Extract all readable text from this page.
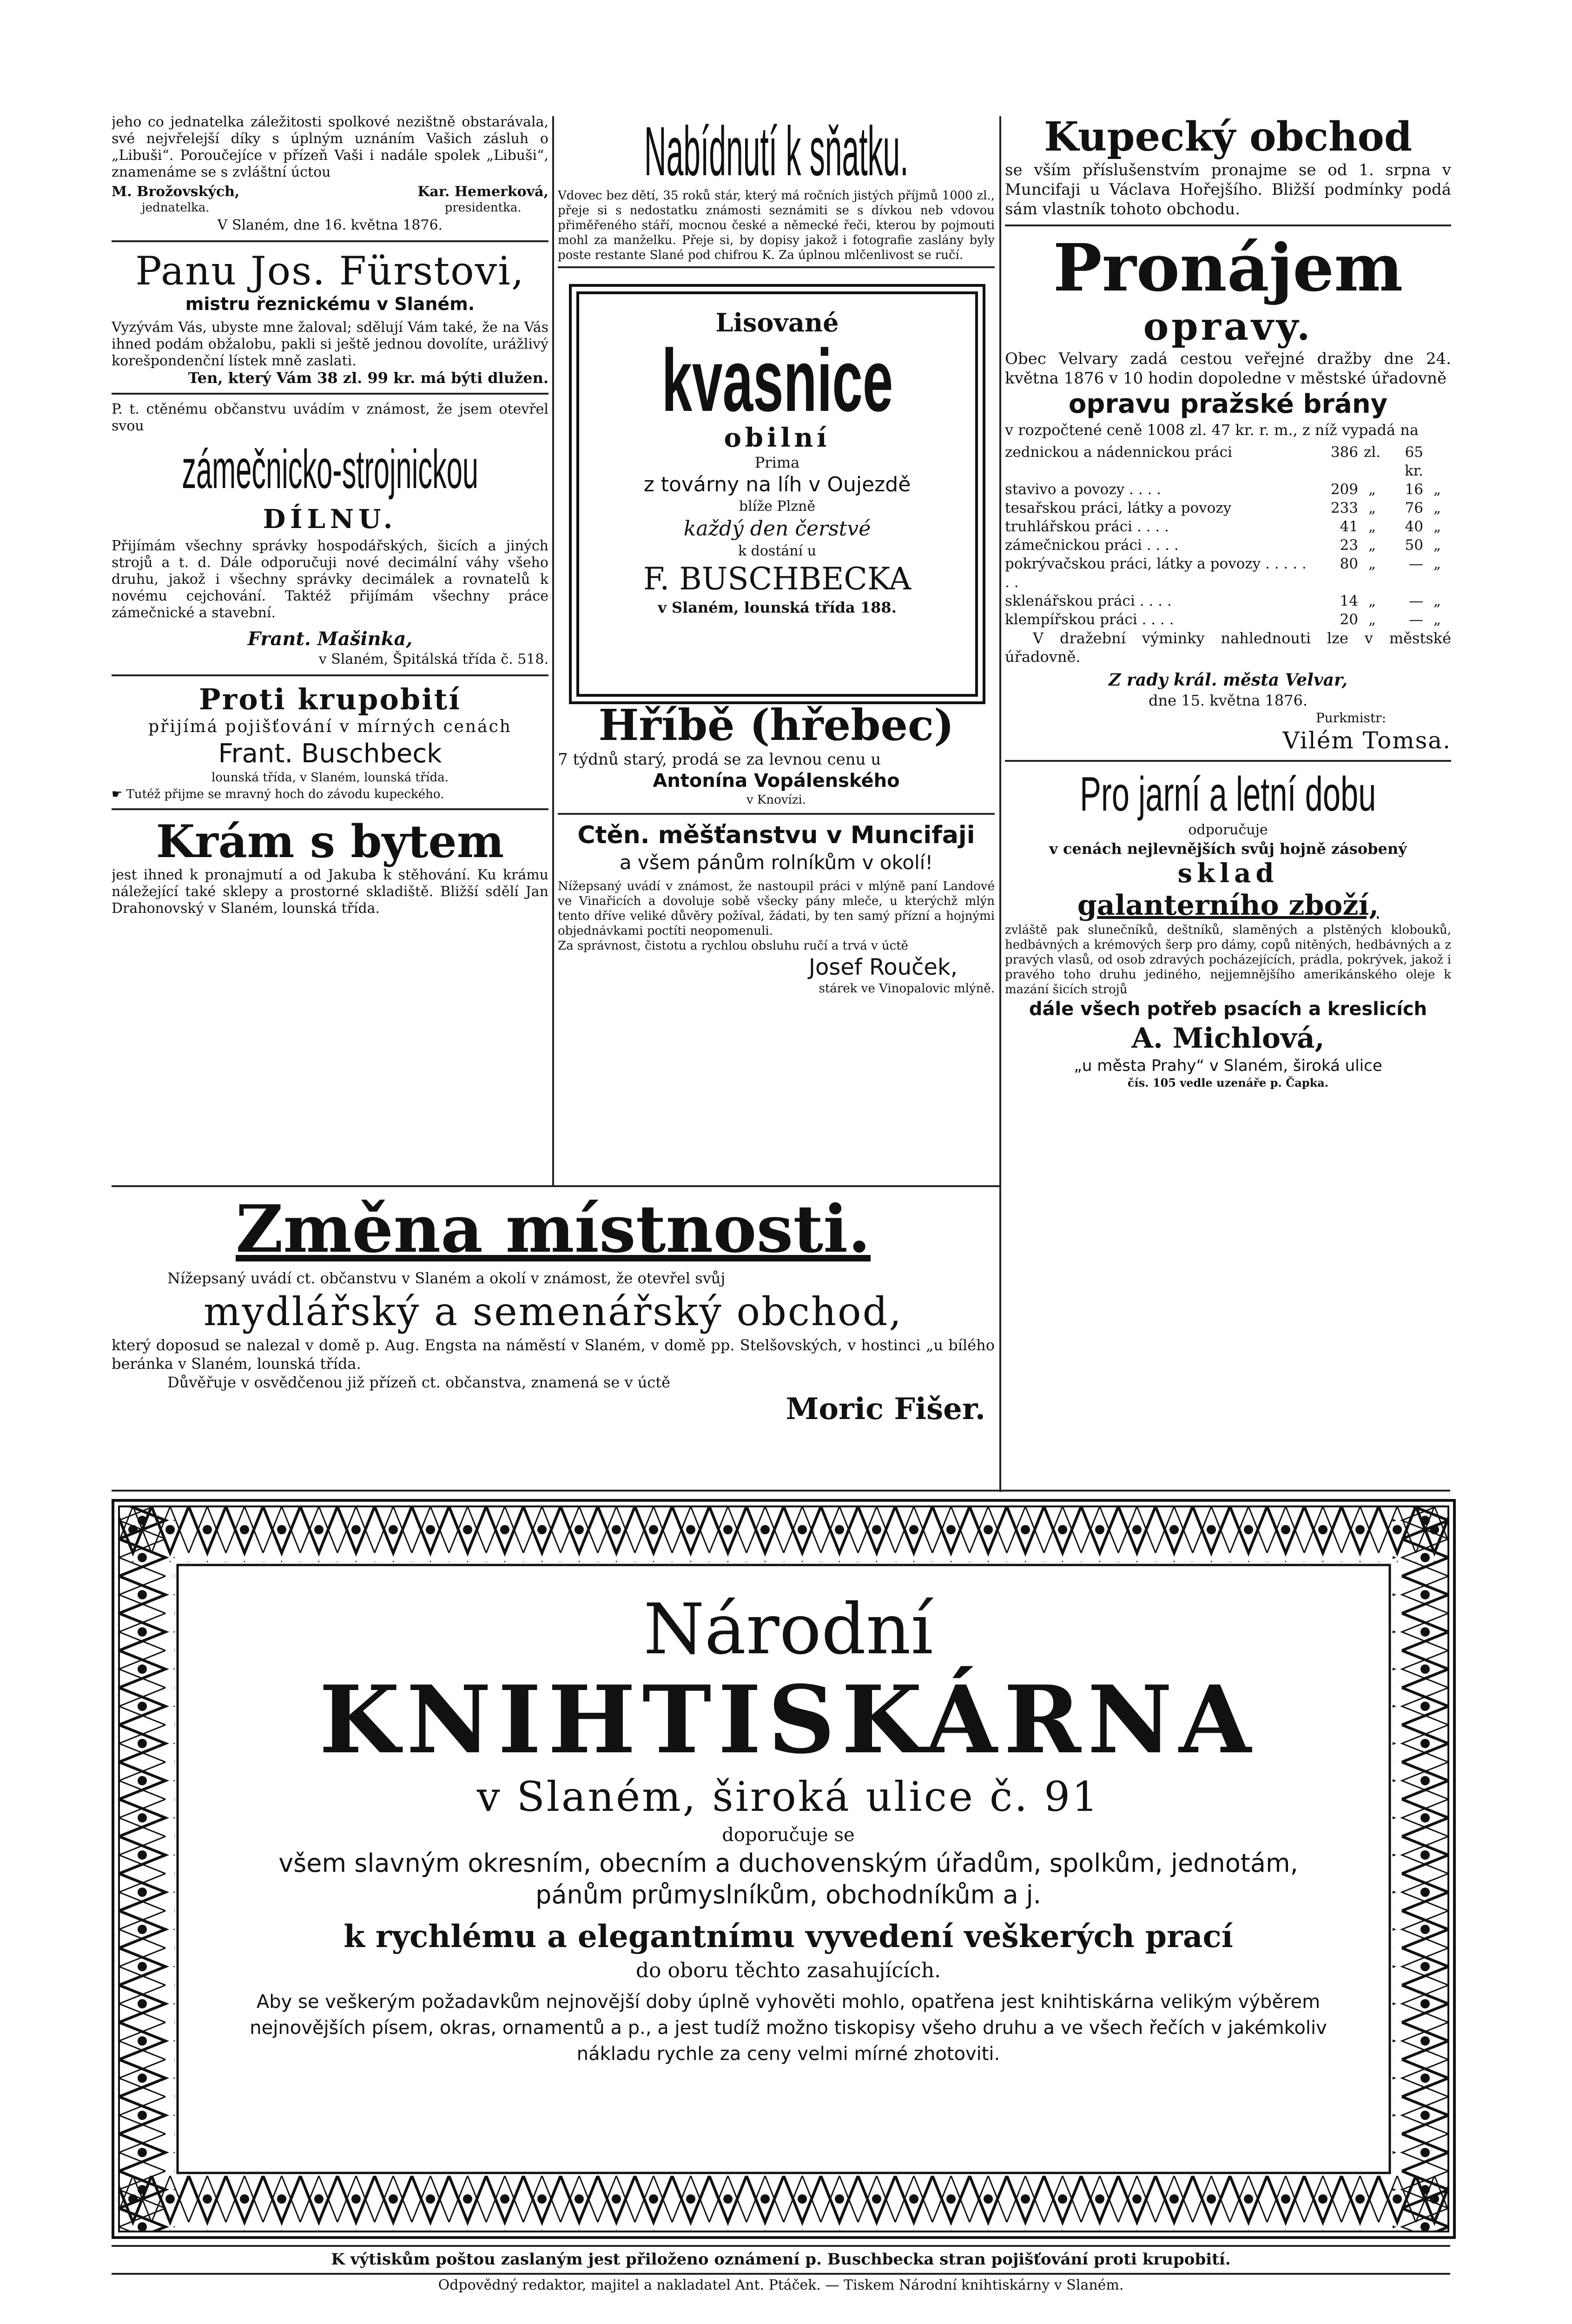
jeho co jednatelka záležitosti spolkové nezištně obstarávala, své nejvřelejší díky s úplným uznáním Vašich zásluh o „Libuši“. Poroučejíce v přízeň Vaši i nadále spolek „Libuši“, znamenáme se s zvláštní úctou

M. Brožovských,
jednatelka.
Kar. Hemerková,
presidentka.

V Slaném, dne 16. května 1876.

Panu Jos. Fürstovi,

mistru řeznickému v Slaném.

Vyzývám Vás, ubyste mne žaloval; sdělují Vám také, že na Vás ihned podám obžalobu, pakli si ještě jednou dovolíte, urážlivý korešpondenční lístek mně zaslati.

Ten, který Vám 38 zl. 99 kr. má býti dlužen.

P. t. ctěnému občanstvu uvádím v známost, že jsem otevřel svou

zámečnicko-strojnickou

DÍLNU.

Přijímám všechny správky hospodářských, šicích a jiných strojů a t. d. Dále odporučuji nové decimální váhy všeho druhu, jakož i všechny správky decimálek a rovnatelů k novému cejchování. Taktéž přijímám všechny práce zámečnické a stavební.

Frant. Mašinka,

v Slaném, Špitálská třída č. 518.

Proti krupobití

přijímá pojišťování v mírných cenách

Frant. Buschbeck

lounská třída, v Slaném, lounská třída.

☛ Tutéž přijme se mravný hoch do závodu kupeckého.

Krám s bytem

jest ihned k pronajmutí a od Jakuba k stěhování. Ku krámu náležející také sklepy a prostorné skladiště. Bližší sdělí Jan Drahonovský v Slaném, lounská třída.

Nabídnutí k sňatku.

Vdovec bez dětí, 35 roků stár, který má ročních jistých příjmů 1000 zl., přeje si s nedostatku známosti seznámiti se s dívkou neb vdovou přiměřeného stáří, mocnou české a německé řeči, kterou by pojmouti mohl za manželku. Přeje si, by dopisy jakož i fotografie zaslány byly poste restante Slané pod chifrou K. Za úplnou mlčenlivost se ručí.

Lisované

kvasnice

obilní

Prima

z továrny na líh v Oujezdě

blíže Plzně

každý den čerstvé

k dostání u

F. BUSCHBECKA

v Slaném, lounská třída 188.

Hříbě (hřebec)

7 týdnů starý, prodá se za levnou cenu u

Antonína Vopálenského

v Knovízi.

Ctěn. měšťanstvu v Muncifaji

a všem pánům rolníkům v okolí!

Nížepsaný uvádí v známost, že nastoupil práci v mlýně paní Landové ve Vinařicích a dovoluje sobě všecky pány mleče, u kterýchž mlýn tento dříve veliké důvěry požíval, žádati, by ten samý přízní a hojnými objednávkami poctíti neopomenuli.

Za správnost, čistotu a rychlou obsluhu ručí a trvá v úctě

Josef Rouček,

stárek ve Vinopalovic mlýně.

Kupecký obchod

se vším příslušenstvím pronajme se od 1. srpna v Muncifaji u Václava Hořejšího. Bližší podmínky podá sám vlastník tohoto obchodu.

Pronájem

opravy.

Obec Velvary zadá cestou veřejné dražby dne 24. května 1876 v 10 hodin dopoledne v městské úřadovně

opravu pražské brány

v rozpočtené ceně 1008 zl. 47 kr. r. m., z níž vypadá na

zednickou a nádennickou práci	386	zl.	65 kr.	
stavivo a povozy . . . .	209	„	16	„
tesařskou práci, látky a povozy	233	„	76	„
truhlářskou práci . . . .	41	„	40	„
zámečnickou práci . . . .	23	„	50	„
pokrývačskou práci, látky a povozy . . . . . . .	80	„	—	„
sklenářskou práci . . . .	14	„	—	„
klempířskou práci . . . .	20	„	—	„

V dražební výminky nahlednouti lze v městské úřadovně.

Z rady král. města Velvar,

dne 15. května 1876.

Purkmistr:

Vilém Tomsa.

Pro jarní a letní dobu

odporučuje

v cenách nejlevnějších svůj hojně zásobený

sklad

galanterního zboží,

zvláště pak slunečníků, deštníků, slaměných a plstěných klobouků, hedbávných a krémových šerp pro dámy, copů nitěných, hedbávných a z pravých vlasů, od osob zdravých pocházejících, prádla, pokrývek, jakož i pravého toho druhu jediného, nejjemnějšího amerikánského oleje k mazání šicích strojů

dále všech potřeb psacích a kreslicích

A. Michlová,

„u města Prahy“ v Slaném, široká ulice

čís. 105 vedle uzenáře p. Čapka.

Změna místnosti.

Nížepsaný uvádí ct. občanstvu v Slaném a okolí v známost, že otevřel svůj

mydlářský a semenářský obchod,

který doposud se nalezal v domě p. Aug. Engsta na náměstí v Slaném, v domě pp. Stelšovských, v hostinci „u bílého beránka v Slaném, lounská třída.

Důvěřuje v osvědčenou již přízeň ct. občanstva, znamená se v úctě

Moric Fišer.

Národní

KNIHTISKÁRNA

v Slaném, široká ulice č. 91

doporučuje se

všem slavným okresním, obecním a duchovenským úřadům, spolkům, jednotám,

pánům průmyslníkům, obchodníkům a j.

k rychlému a elegantnímu vyvedení veškerých prací

do oboru těchto zasahujících.

Aby se veškerým požadavkům nejnovější doby úplně vyhověti mohlo, opatřena jest knihtiskárna velikým výběrem nejnovějších písem, okras, ornamentů a p., a jest tudíž možno tiskopisy všeho druhu a ve všech řečích v jakémkoliv nákladu rychle za ceny velmi mírné zhotoviti.

K výtiskům poštou zaslaným jest přiloženo oznámení p. Buschbecka stran pojišťování proti krupobití.

Odpovědný redaktor, majitel a nakladatel Ant. Ptáček. — Tiskem Národní knihtiskárny v Slaném.
